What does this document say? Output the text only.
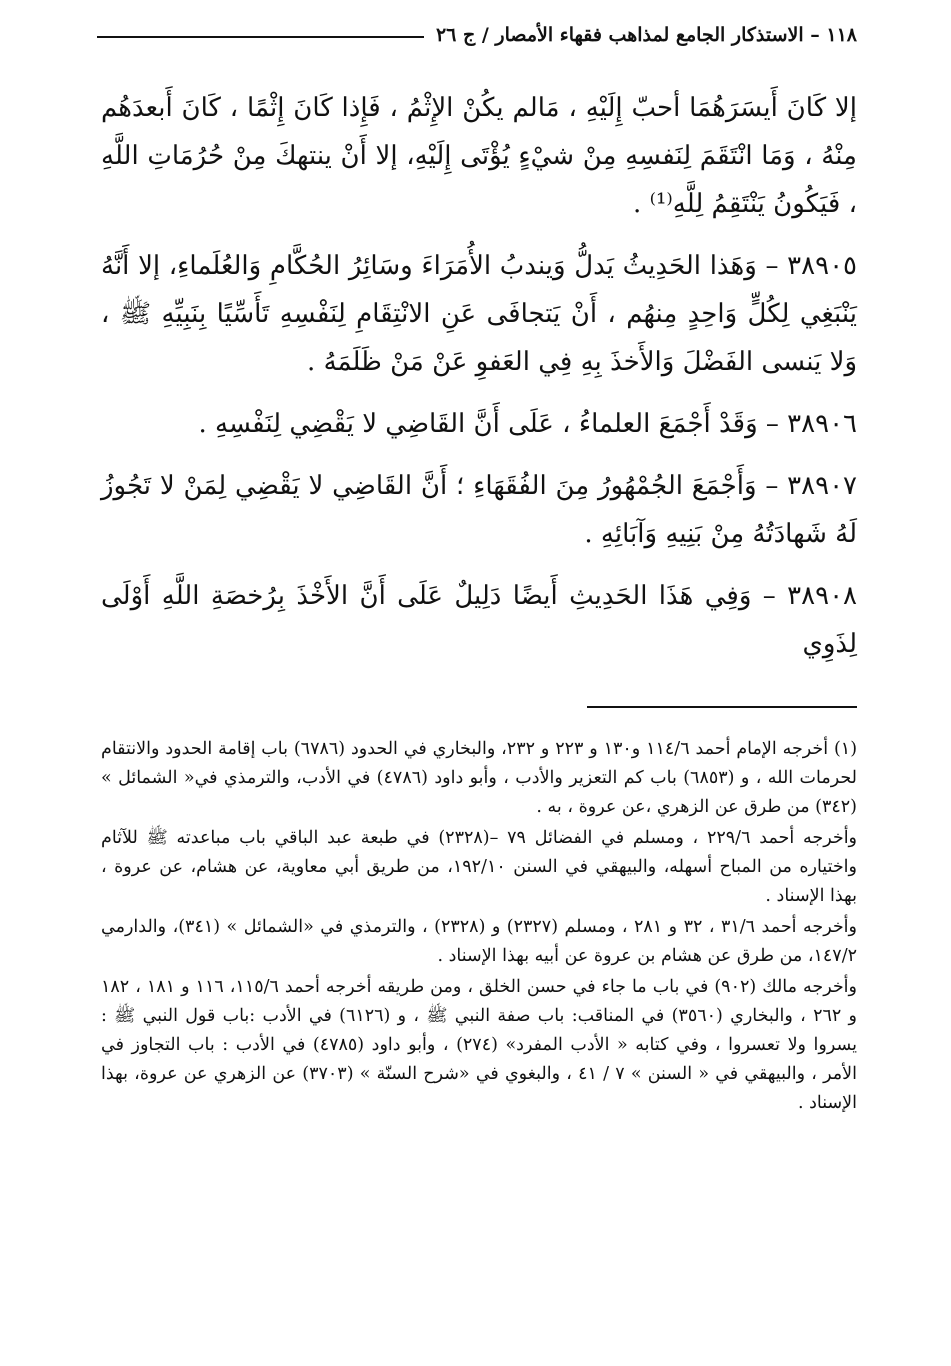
١١٨ – الاستذكار الجامع لمذاهب فقهاء الأمصار / ج ٢٦

إلا كَانَ أَيسَرَهُمَا أحبّ إِلَيْهِ ، مَالم يكُنْ الإِثْمُ ، فَإِذا كَانَ إِثْمًا ، كَانَ أَبعدَهُم مِنْهُ ، وَمَا انْتَقَمَ لِنَفسِهِ مِنْ شيْءٍ يُؤْتَى إِلَيْهِ، إلا أَنْ ينتهكَ مِنْ حُرُمَاتِ اللَّهِ ، فَيَكُونُ يَنْتَقِمُ لِلَّهِ⁽¹⁾ .

٣٨٩٠٥ – وَهَذا الحَدِيثُ يَدلُّ وَيندبُ الأُمَرَاءَ وسَائِرُ الحُكَّامِ وَالعُلَماءِ، إلا أَنَّهُ يَنْبَغِي لِكُلٍّ وَاحِدٍ مِنهُم ، أَنْ يَتجافَى عَنِ الانْتِقَامِ لِنَفْسِهِ تَأَسِّيًا بِنَبِيِّهِ ﷺ ، وَلا يَنسى الفَضْلَ وَالأَخذَ بِهِ فِي العَفوِ عَنْ مَنْ ظَلَمَهُ .

٣٨٩٠٦ – وَقَدْ أَجْمَعَ العلماءُ ، عَلَى أَنَّ القَاضِي لا يَقْضِي لِنَفْسِهِ .

٣٨٩٠٧ – وَأَجْمَعَ الجُمْهُورُ مِنَ الفُقَهَاءِ ؛ أَنَّ القَاضِي لا يَقْضِي لِمَنْ لا تَجُوزُ لَهُ شَهادَتُهُ مِنْ بَنِيهِ وَآبَائِهِ .

٣٨٩٠٨ – وَفِي هَذَا الحَدِيثِ أَيضًا دَلِيلٌ عَلَى أَنَّ الأَخْذَ بِرُخصَةِ اللَّهِ أَوْلَى لِذَوِي

(١) أخرجه الإمام أحمد ١١٤/٦ و١٣٠ و ٢٢٣ و ٢٣٢، والبخاري في الحدود (٦٧٨٦) باب إقامة الحدود والانتقام لحرمات الله ، و (٦٨٥٣) باب كم التعزير والأدب ، وأبو داود (٤٧٨٦) في الأدب، والترمذي في« الشمائل » (٣٤٢) من طرق عن الزهري ،عن عروة ، به .

وأخرجه أحمد ٢٢٩/٦ ، ومسلم في الفضائل ٧٩ –(٢٣٢٨) في طبعة عبد الباقي باب مباعدته ﷺ للآثام واختياره من المباح أسهله، والبيهقي في السنن ١٩٢/١٠، من طريق أبي معاوية، عن هشام، عن عروة ، بهذا الإسناد .

وأخرجه أحمد ٣١/٦ ، ٣٢ و ٢٨١ ، ومسلم (٢٣٢٧) و (٢٣٢٨) ، والترمذي في «الشمائل » (٣٤١)، والدارمي ١٤٧/٢، من طرق عن هشام بن عروة عن أبيه بهذا الإسناد .

وأخرجه مالك (٩٠٢) في باب ما جاء في حسن الخلق ، ومن طريقه أخرجه أحمد ١١٥/٦، ١١٦ و ١٨١ ، ١٨٢ و ٢٦٢ ، والبخاري (٣٥٦٠) في المناقب: باب صفة النبي ﷺ ، و (٦١٢٦) في الأدب :باب قول النبي ﷺ : يسروا ولا تعسروا ، وفي كتابه « الأدب المفرد» (٢٧٤) ، وأبو داود (٤٧٨٥) في الأدب : باب التجاوز في الأمر ، والبيهقي في « السنن » ٧ / ٤١ ، والبغوي في «شرح السنّة » (٣٧٠٣) عن الزهري عن عروة، بهذا الإسناد .
